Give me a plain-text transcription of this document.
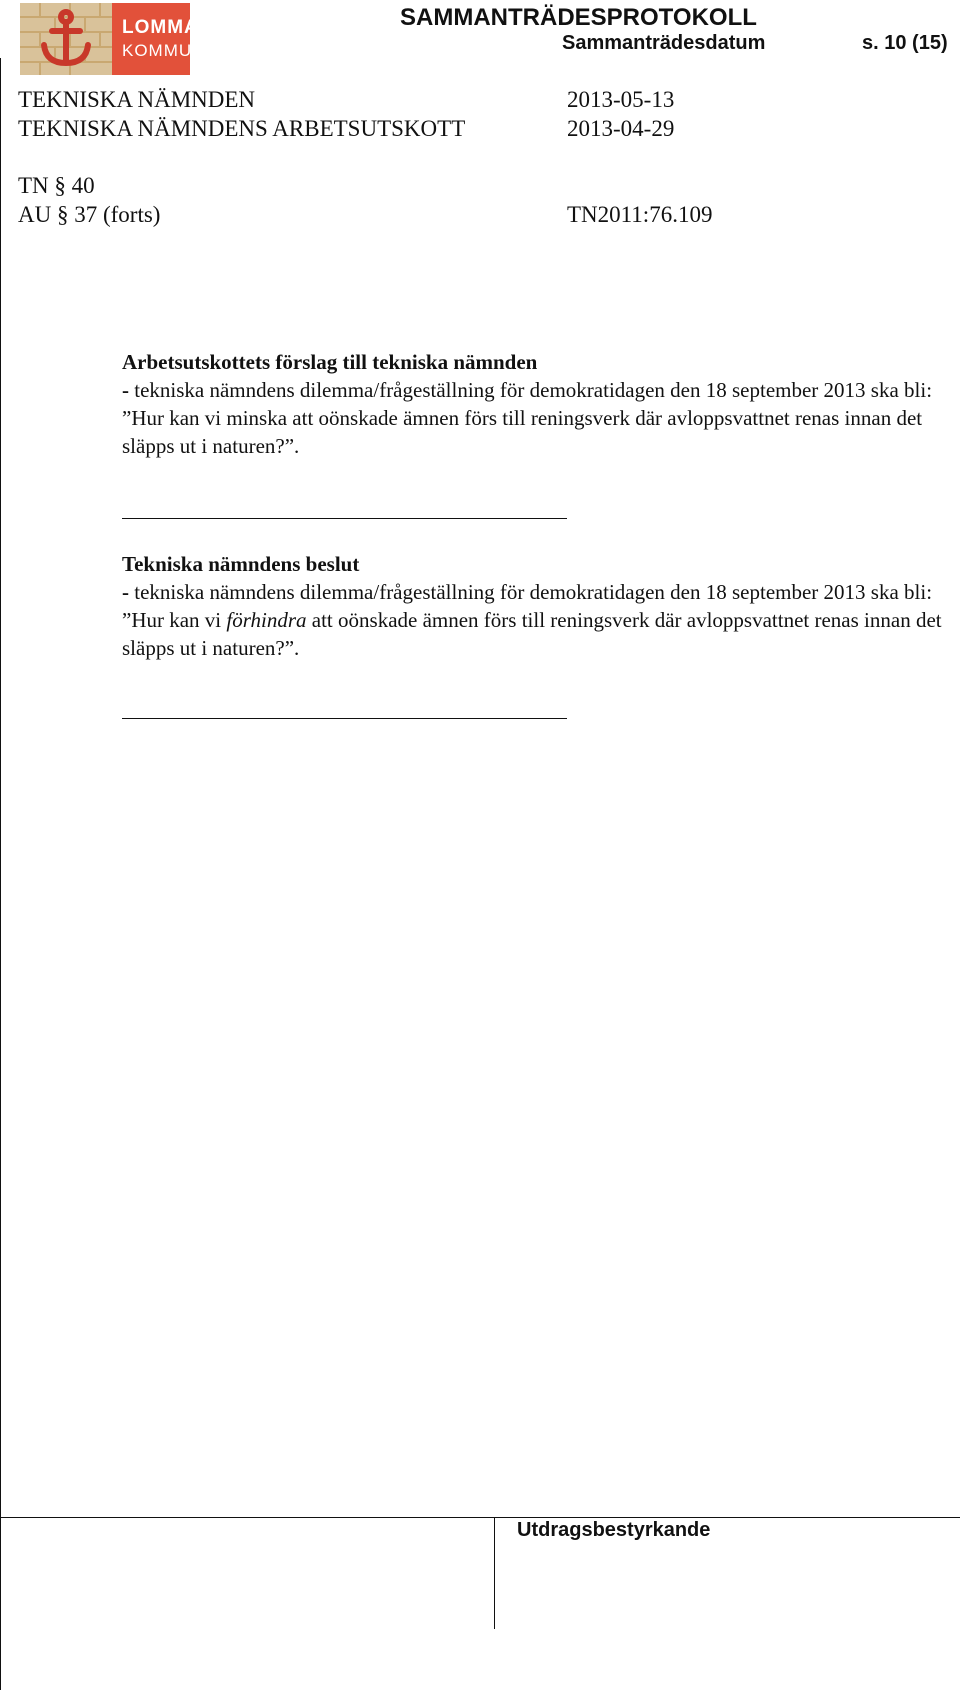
LOMMA
KOMMUN
SAMMANTRÄDESPROTOKOLL
Sammanträdesdatum	s. 10 (15)
TEKNISKA NÄMNDEN	2013-05-13
TEKNISKA NÄMNDENS ARBETSUTSKOTT	2013-04-29
TN § 40
AU § 37 (forts)	TN2011:76.109
Arbetsutskottets förslag till tekniska nämnden
- tekniska nämndens dilemma/frågeställning för demokratidagen den 18 september 2013 ska bli:
”Hur kan vi minska att oönskade ämnen förs till reningsverk där avloppsvattnet renas innan det släpps ut i naturen?”.
Tekniska nämndens beslut
- tekniska nämndens dilemma/frågeställning för demokratidagen den 18 september 2013 ska bli:
”Hur kan vi förhindra att oönskade ämnen förs till reningsverk där avloppsvattnet renas innan det släpps ut i naturen?”.
Utdragsbestyrkande
